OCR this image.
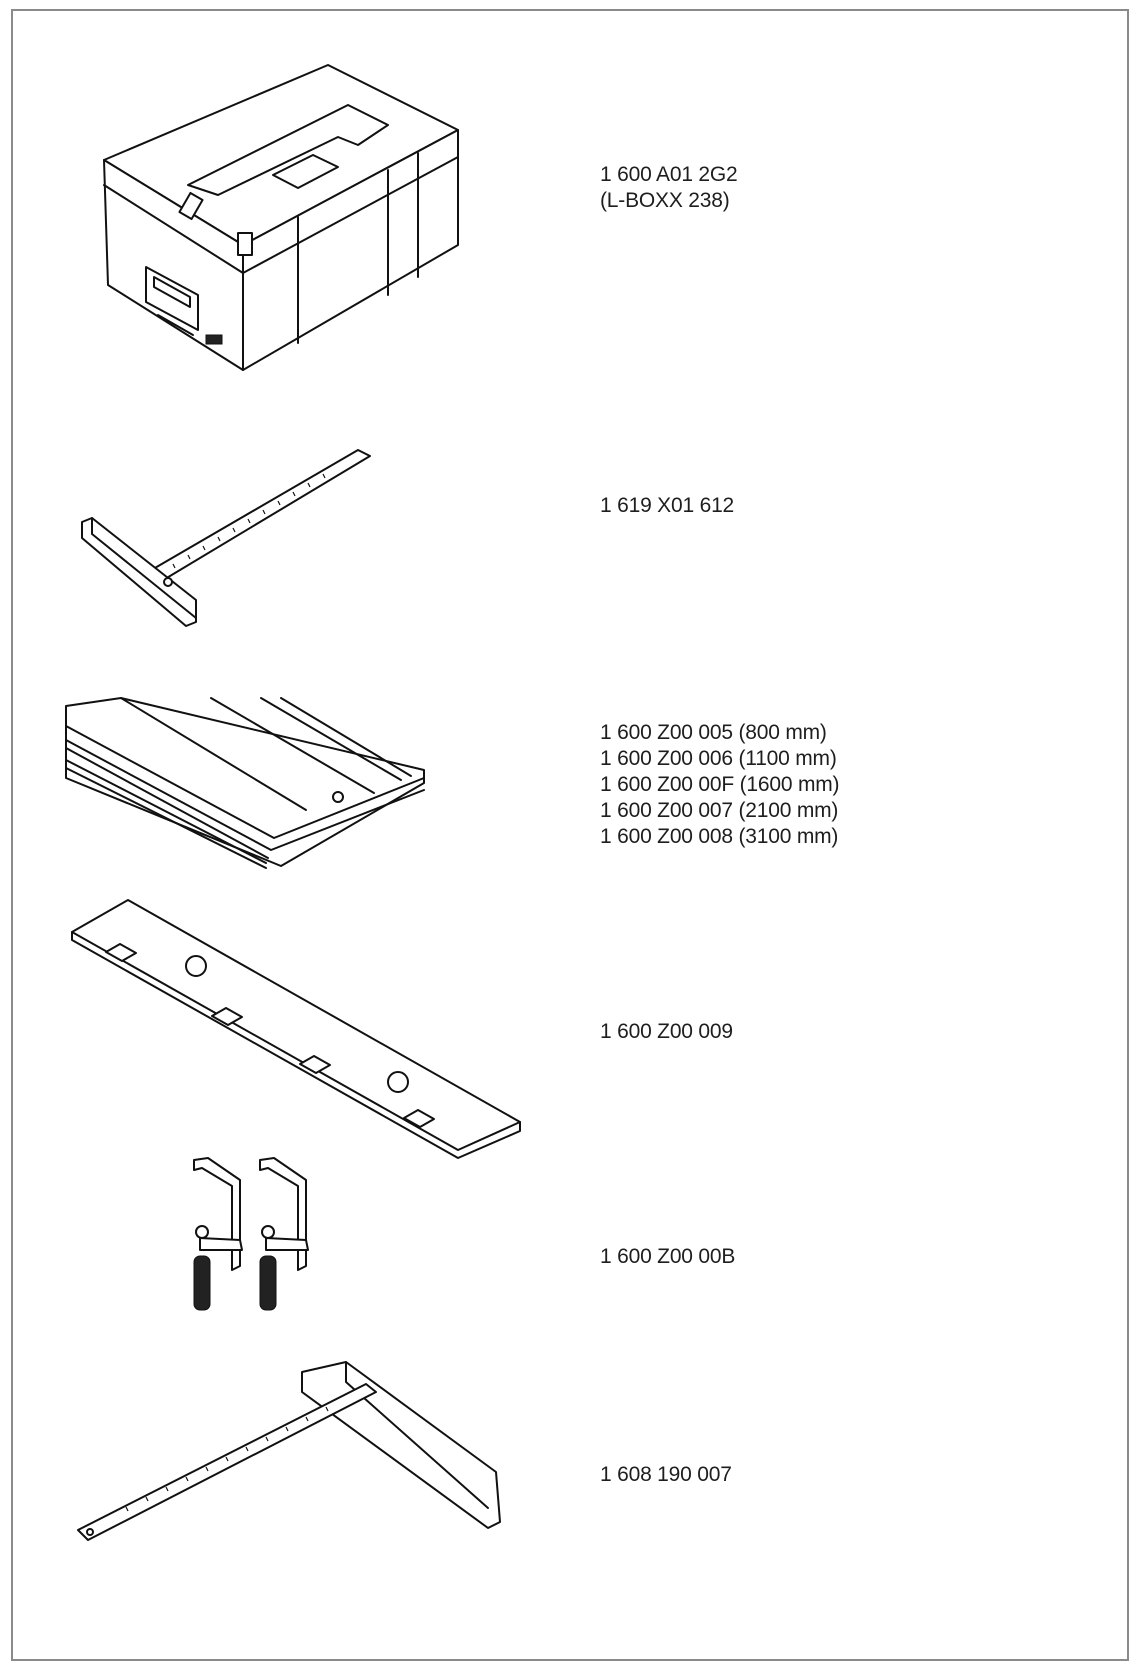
1 600 A01 2G2
(L-BOXX 238)
1 619 X01 612
1 600 Z00 005 (800 mm)
1 600 Z00 006 (1100 mm)
1 600 Z00 00F (1600 mm)
1 600 Z00 007 (2100 mm)
1 600 Z00 008 (3100 mm)
1 600 Z00 009
1 600 Z00 00B
1 608 190 007
